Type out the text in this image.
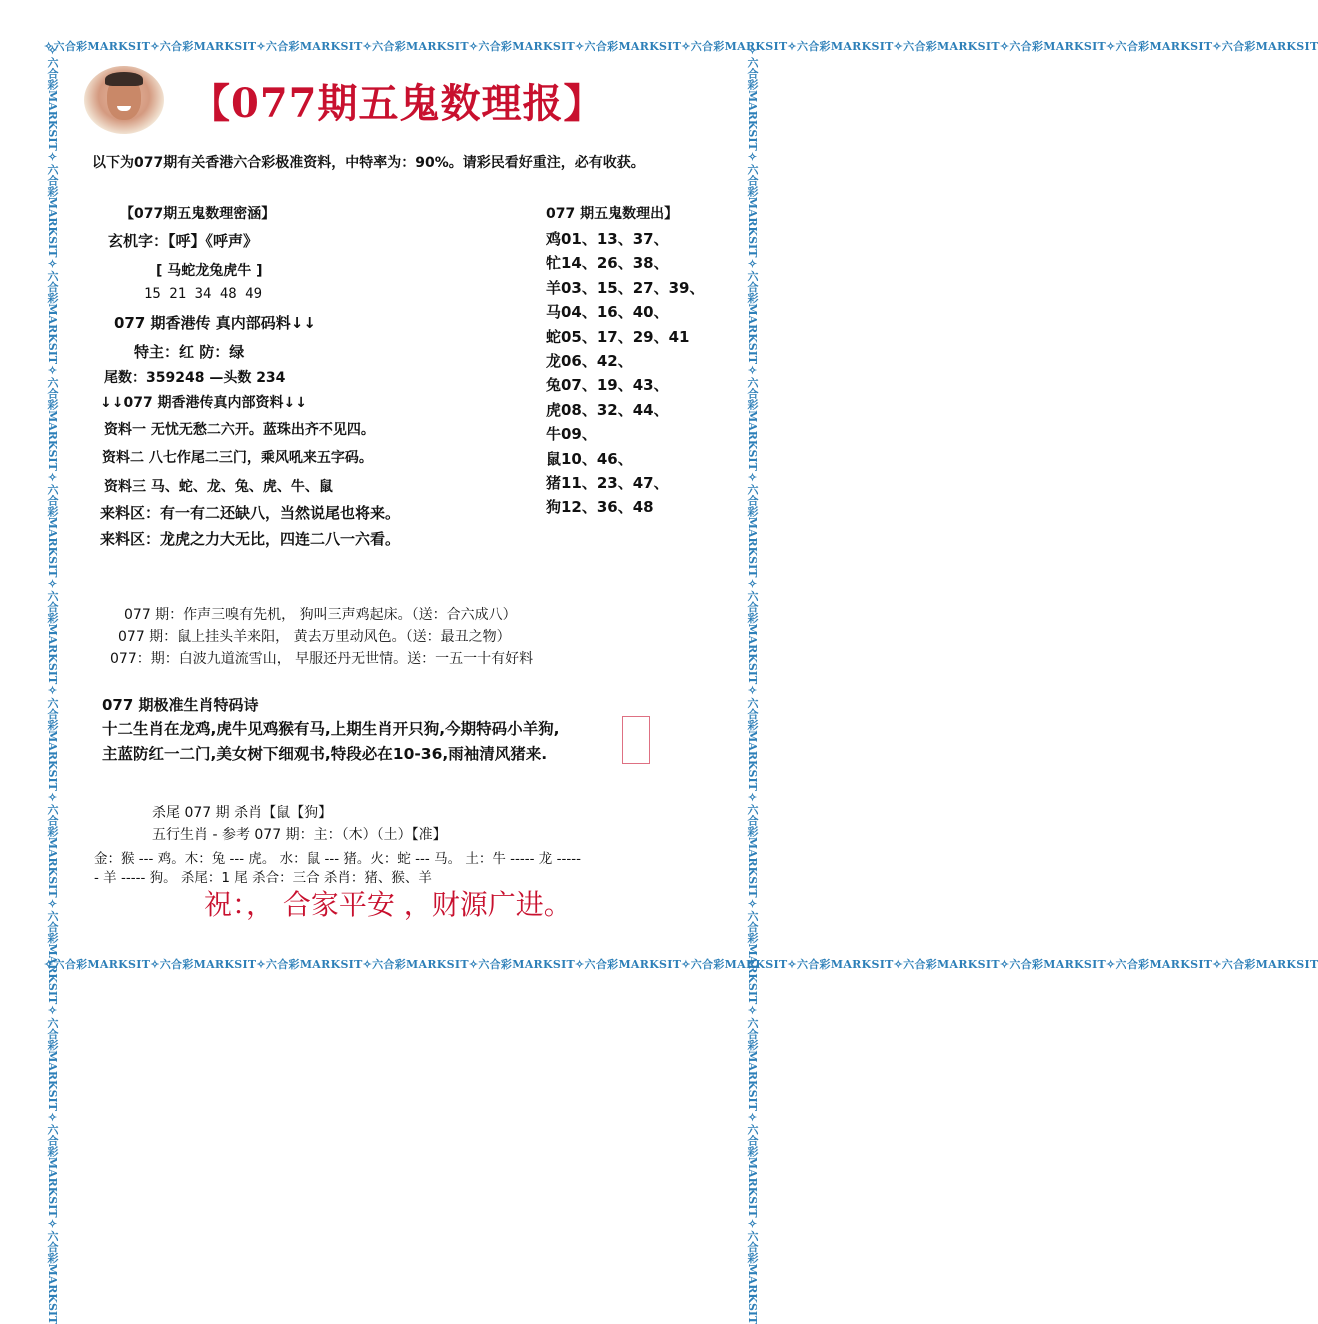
✧六合彩MARKSIT✧六合彩MARKSIT✧六合彩MARKSIT✧六合彩MARKSIT✧六合彩MARKSIT✧六合彩MARKSIT✧六合彩MARKSIT✧六合彩MARKSIT✧六合彩MARKSIT✧六合彩MARKSIT✧六合彩MARKSIT✧六合彩MARKSIT
✧六合彩MARKSIT✧六合彩MARKSIT✧六合彩MARKSIT✧六合彩MARKSIT✧六合彩MARKSIT✧六合彩MARKSIT✧六合彩MARKSIT✧六合彩MARKSIT✧六合彩MARKSIT✧六合彩MARKSIT✧六合彩MARKSIT✧六合彩MARKSIT
✧六合彩MARKSIT✧六合彩MARKSIT✧六合彩MARKSIT✧六合彩MARKSIT✧六合彩MARKSIT✧六合彩MARKSIT✧六合彩MARKSIT✧六合彩MARKSIT✧六合彩MARKSIT✧六合彩MARKSIT✧六合彩MARKSIT✧六合彩MARKSIT	✧六合彩MARKSIT✧六合彩MARKSIT✧六合彩MARKSIT✧六合彩MARKSIT✧六合彩MARKSIT✧六合彩MARKSIT✧六合彩MARKSIT✧六合彩MARKSIT✧六合彩MARKSIT✧六合彩MARKSIT✧六合彩MARKSIT✧六合彩MARKSIT
【077期五鬼数理报】
以下为077期有关香港六合彩极准资料，中特率为：90%。请彩民看好重注，必有收获。
【077期五鬼数理密涵】
玄机字：【呼】《呼声》
[ 马蛇龙兔虎牛 ]
15 21 34 48 49
077 期香港传 真内部码料↓↓
特主：红 防：绿
尾数：359248 —头数 234
↓↓077 期香港传真内部资料↓↓
资料一 无忧无愁二六开。蓝珠出齐不见四。
资料二 八七作尾二三门，乘风吼来五字码。
资料三 马、蛇、龙、兔、虎、牛、鼠
来料区：有一有二还缺八，当然说尾也将来。
来料区：龙虎之力大无比，四连二八一六看。
077 期五鬼数理出】
鸡01、13、37、
牤14、26、38、
羊03、15、27、39、
马04、16、40、
蛇05、17、29、41
龙06、42、
兔07、19、43、
虎08、32、44、
牛09、
鼠10、46、
猪11、23、47、
狗12、36、48
077 期：作声三嗅有先机， 狗叫三声鸡起床。（送：合六成八）
077 期：鼠上挂头羊来阳， 黄去万里动风色。（送：最丑之物）
077：期：白波九道流雪山， 早服还丹无世情。送：一五一十有好料
077 期极准生肖特码诗
十二生肖在龙鸡,虎牛见鸡猴有马,上期生肖开只狗,今期特码小羊狗,
主蓝防红一二门,美女树下细观书,特段必在10-36,雨袖清风猪来.
杀尾 077 期 杀肖【鼠【狗】
五行生肖 - 参考 077 期：主：（木）（土）【准】
金：猴 --- 鸡。木：兔 --- 虎。 水：鼠 --- 猪。火：蛇 --- 马。 土：牛 ----- 龙 -----
- 羊 ----- 狗。 杀尾：1 尾 杀合：三合 杀肖：猪、猴、羊
祝：， 合家平安 ，财源广进。
